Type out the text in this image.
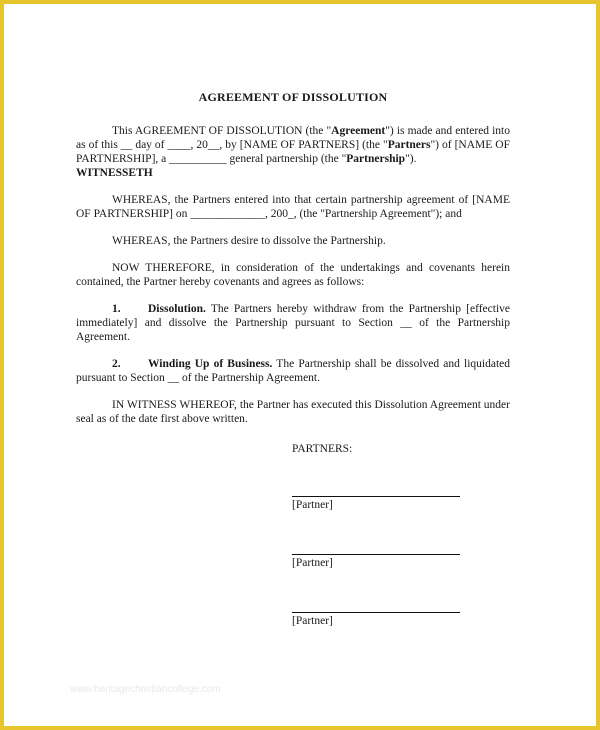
AGREEMENT OF DISSOLUTION

This AGREEMENT OF DISSOLUTION (the "Agreement") is made and entered into as of this __ day of ____, 20__, by [NAME OF PARTNERS] (the "Partners") of [NAME OF PARTNERSHIP], a __________ general partnership (the "Partnership").

WITNESSETH

WHEREAS, the Partners entered into that certain partnership agreement of [NAME OF PARTNERSHIP] on _____________, 200_, (the "Partnership Agreement"); and

WHEREAS, the Partners desire to dissolve the Partnership.

NOW THEREFORE, in consideration of the undertakings and covenants herein contained, the Partner hereby covenants and agrees as follows:

1. Dissolution. The Partners hereby withdraw from the Partnership [effective immediately] and dissolve the Partnership pursuant to Section __ of the Partnership Agreement.

2. Winding Up of Business. The Partnership shall be dissolved and liquidated pursuant to Section __ of the Partnership Agreement.

IN WITNESS WHEREOF, the Partner has executed this Dissolution Agreement under seal as of the date first above written.

PARTNERS:
[Partner]
[Partner]
[Partner]
www.heritagechristiancollege.com
